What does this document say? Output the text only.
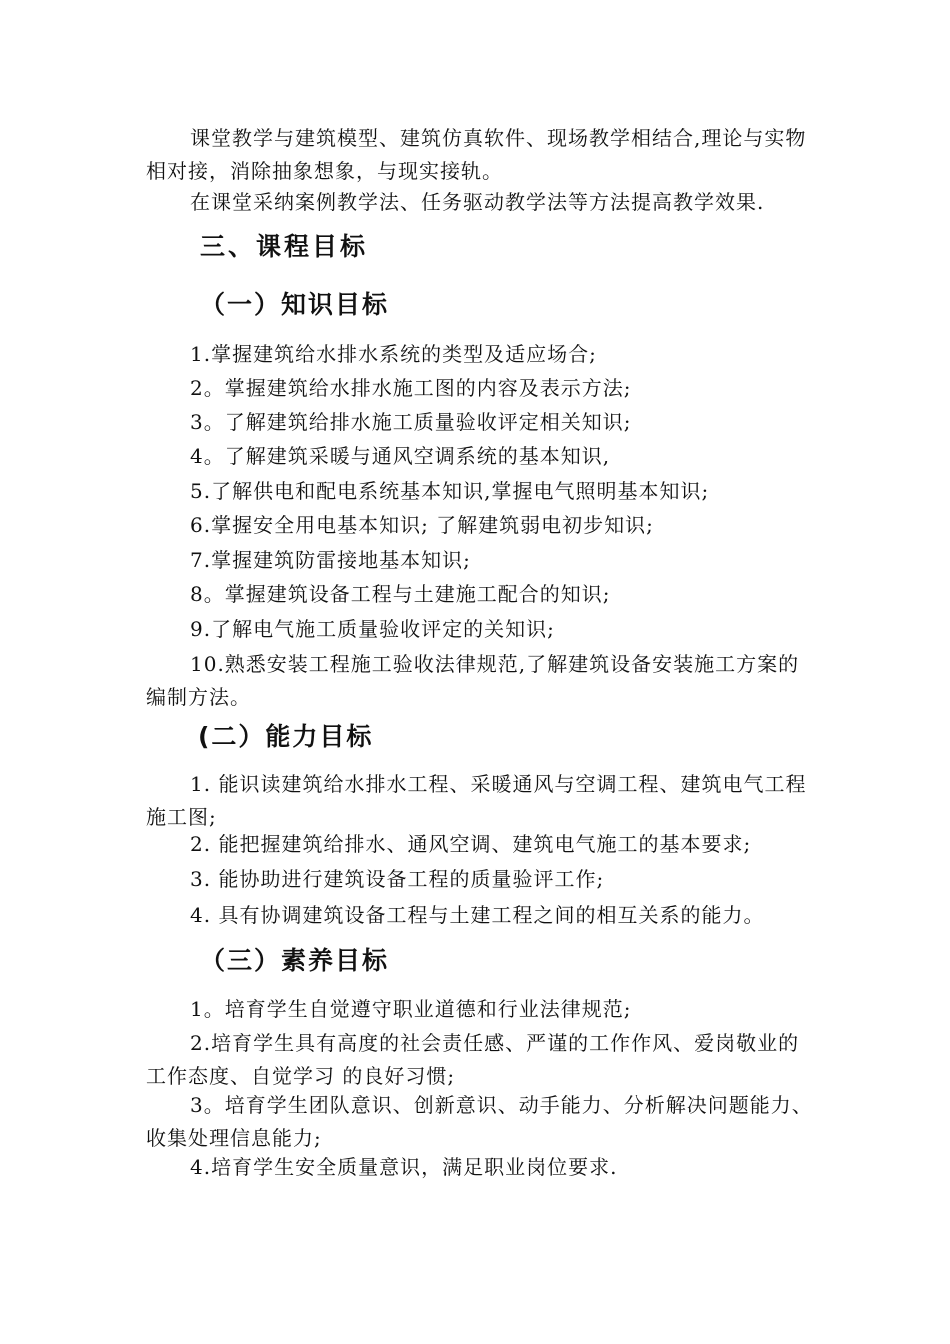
课堂教学与建筑模型、建筑仿真软件、现场教学相结合,理论与实物相对接，消除抽象想象，与现实接轨。

在课堂采纳案例教学法、任务驱动教学法等方法提高教学效果.

三、课程目标
（一）知识目标

1.掌握建筑给水排水系统的类型及适应场合;

2。掌握建筑给水排水施工图的内容及表示方法;

3。了解建筑给排水施工质量验收评定相关知识;

4。了解建筑采暖与通风空调系统的基本知识,

5.了解供电和配电系统基本知识,掌握电气照明基本知识;

6.掌握安全用电基本知识; 了解建筑弱电初步知识;

7.掌握建筑防雷接地基本知识;

8。掌握建筑设备工程与土建施工配合的知识;

9.了解电气施工质量验收评定的关知识;

10.熟悉安装工程施工验收法律规范,了解建筑设备安装施工方案的编制方法。

(二）能力目标

1. 能识读建筑给水排水工程、采暖通风与空调工程、建筑电气工程施工图;

2. 能把握建筑给排水、通风空调、建筑电气施工的基本要求;

3. 能协助进行建筑设备工程的质量验评工作;

4. 具有协调建筑设备工程与土建工程之间的相互关系的能力。

（三）素养目标

1。培育学生自觉遵守职业道德和行业法律规范;

2.培育学生具有高度的社会责任感、严谨的工作作风、爱岗敬业的工作态度、自觉学习 的良好习惯;

3。培育学生团队意识、创新意识、动手能力、分析解决问题能力、收集处理信息能力;

4.培育学生安全质量意识，满足职业岗位要求.
